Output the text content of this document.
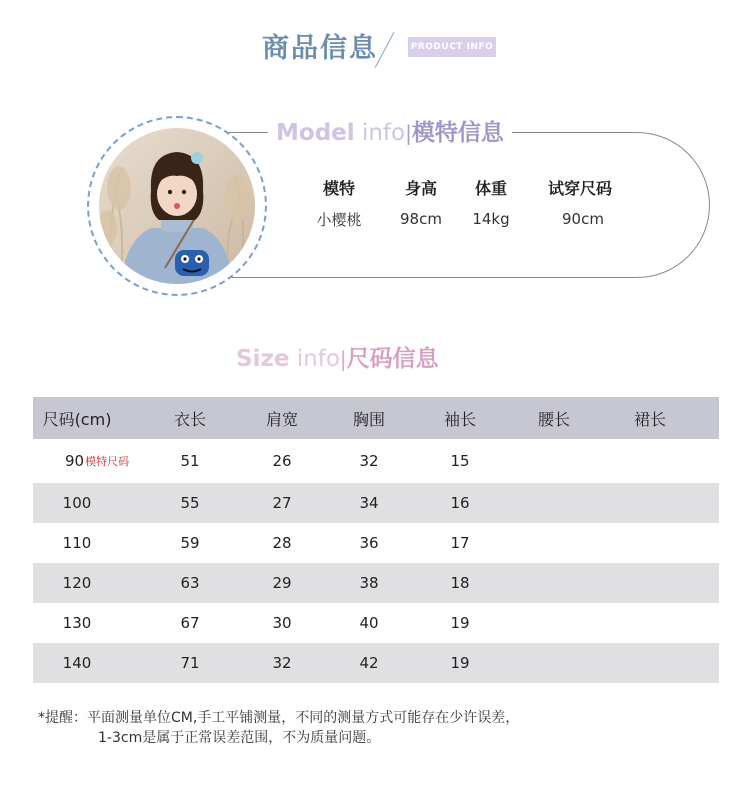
商品信息	PRODUCT INFO
Model info|模特信息
模特	身高	体重	试穿尺码
小樱桃	98cm	14kg	90cm
Size info|尺码信息
尺码(cm)	衣长	肩宽	胸围	袖长	腰长	裙长
90 模特尺码	51	26	32	15
100	55	27	34	16
110	59	28	36	17
120	63	29	38	18
130	67	30	40	19
140	71	32	42	19
*提醒：平面测量单位CM,手工平铺测量，不同的测量方式可能存在少许误差，
1-3cm是属于正常误差范围，不为质量问题。
